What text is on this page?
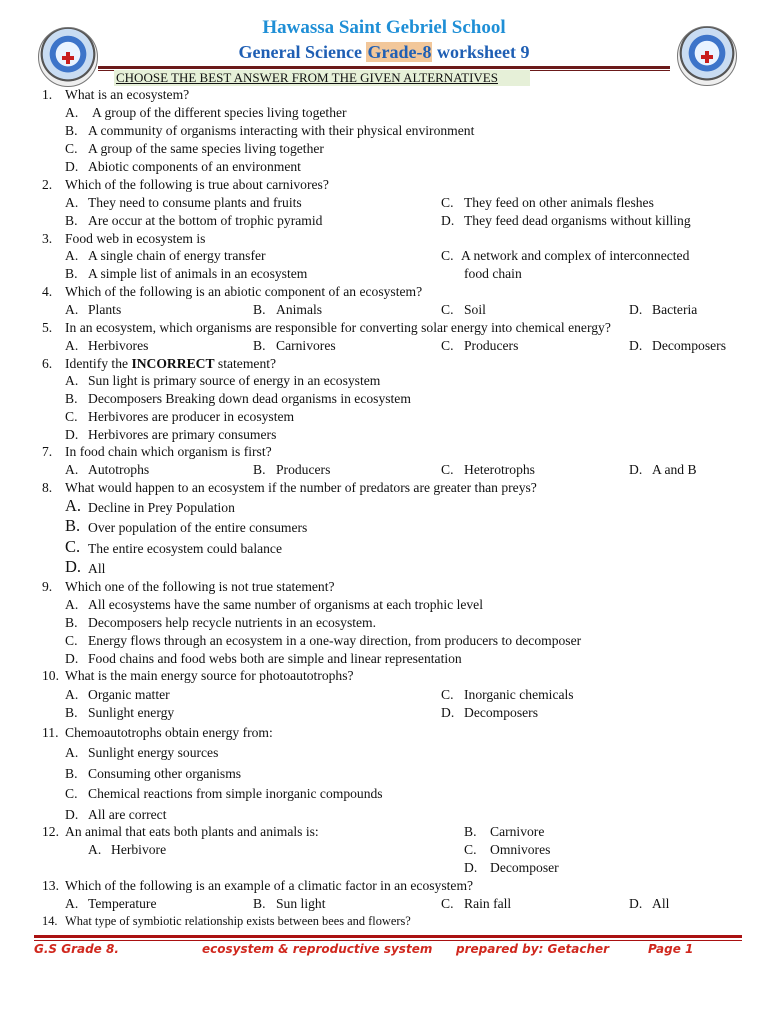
Hawassa Saint Gebriel School
General Science Grade-8 worksheet 9
CHOOSE THE BEST ANSWER FROM THE GIVEN ALTERNATIVES
1. What is an ecosystem?
A. A group of the different species living together
B. A community of organisms interacting with their physical environment
C. A group of the same species living together
D. Abiotic components of an environment
2. Which of the following is true about carnivores?
A. They need to consume plants and fruits	C. They feed on other animals fleshes
B. Are occur at the bottom of trophic pyramid	D. They feed dead organisms without killing
3. Food web in ecosystem is
A. A single chain of energy transfer	C. A network and complex of interconnected
B. A simple list of animals in an ecosystem	food chain
4. Which of the following is an abiotic component of an ecosystem?
A. Plants	B. Animals	C. Soil	D. Bacteria
5. In an ecosystem, which organisms are responsible for converting solar energy into chemical energy?
A. Herbivores	B. Carnivores	C. Producers	D. Decomposers
6. Identify the INCORRECT statement?
A. Sun light is primary source of energy in an ecosystem
B. Decomposers Breaking down dead organisms in ecosystem
C. Herbivores are producer in ecosystem
D. Herbivores are primary consumers
7. In food chain which organism is first?
A. Autotrophs	B. Producers	C. Heterotrophs	D. A and B
8. What would happen to an ecosystem if the number of predators are greater than preys?
A. Decline in Prey Population
B. Over population of the entire consumers
C. The entire ecosystem could balance
D. All
9. Which one of the following is not true statement?
A. All ecosystems have the same number of organisms at each trophic level
B. Decomposers help recycle nutrients in an ecosystem.
C. Energy flows through an ecosystem in a one-way direction, from producers to decomposer
D. Food chains and food webs both are simple and linear representation
10. What is the main energy source for photoautotrophs?
A. Organic matter	C. Inorganic chemicals
B. Sunlight energy	D. Decomposers
11. Chemoautotrophs obtain energy from:
A. Sunlight energy sources
B. Consuming other organisms
C. Chemical reactions from simple inorganic compounds
D. All are correct
12. An animal that eats both plants and animals is:	B. Carnivore
A. Herbivore	C. Omnivores
D. Decomposer
13. Which of the following is an example of a climatic factor in an ecosystem?
A. Temperature	B. Sun light	C. Rain fall	D. All
14. What type of symbiotic relationship exists between bees and flowers?
G.S Grade 8.	ecosystem & reproductive system prepared by: Getacher	Page 1
